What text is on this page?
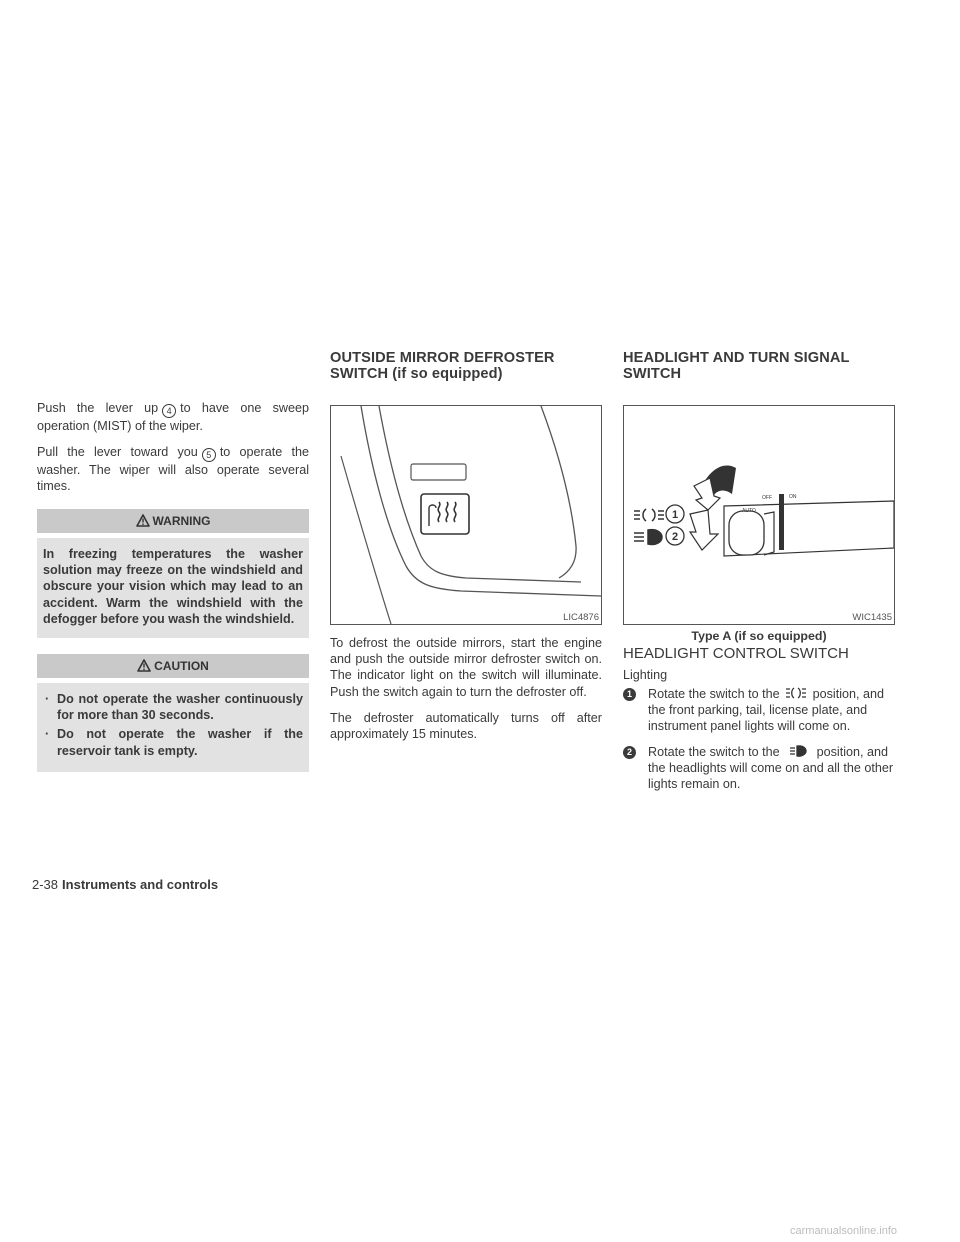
Push the lever up 4 to have one sweep operation (MIST) of the wiper.

Pull the lever toward you 5 to operate the washer. The wiper will also operate several times.

WARNING
In freezing temperatures the washer solution may freeze on the windshield and obscure your vision which may lead to an accident. Warm the windshield with the defogger before you wash the windshield.
CAUTION
· Do not operate the washer continuously for more than 30 seconds.
· Do not operate the washer if the reservoir tank is empty.
OUTSIDE MIRROR DEFROSTER
SWITCH (if so equipped)
LIC4876

To defrost the outside mirrors, start the engine and push the outside mirror defroster switch on. The indicator light on the switch will illuminate. Push the switch again to turn the defroster off.

The defroster automatically turns off after approximately 15 minutes.

HEADLIGHT AND TURN SIGNAL
SWITCH
AUTO
OFF	ON
1
2
WIC1435
Type A (if so equipped)
HEADLIGHT CONTROL SWITCH
Lighting
1	Rotate the switch to the	position, and the front parking, tail, license plate, and instrument panel lights will come on.
2	Rotate the switch to the	position, and the headlights will come on and all the other lights remain on.
2-38 Instruments and controls
carmanualsonline.info
